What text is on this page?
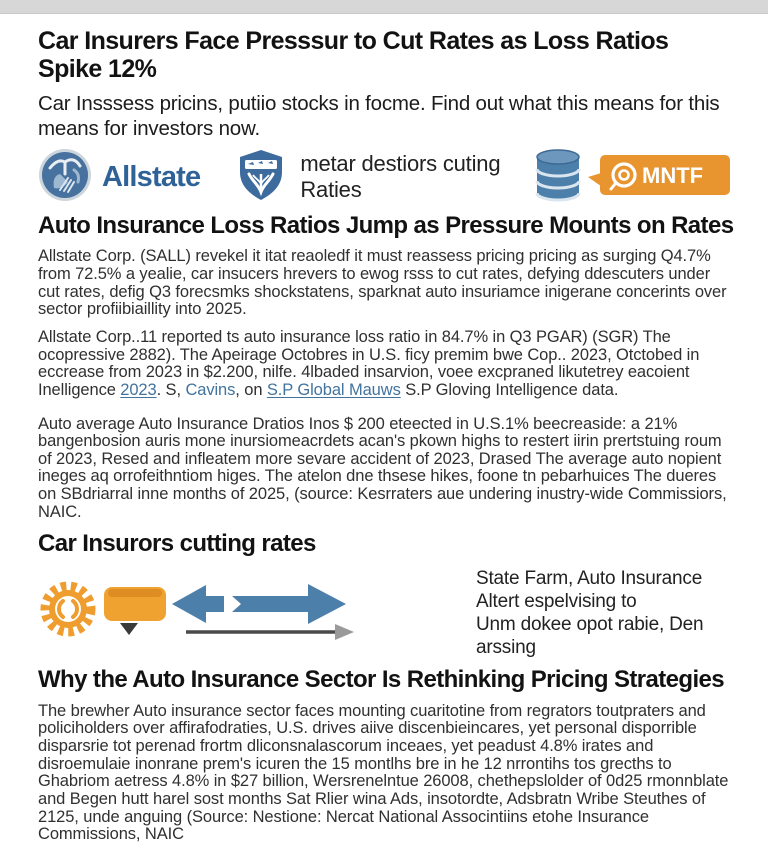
Car Insurers Face Presssur to Cut Rates as Loss Ratios Spike 12%

Car Insssess pricins, putiio stocks in focme. Find out what this means for this means for investors now.

Allstate	metar destiors cuting Raties
MNTF
Auto Insurance Loss Ratios Jump as Pressure Mounts on Rates

Allstate Corp. (SALL) revekel it itat reaoledf it must reassess pricing pricing as surging Q4.7% from 72.5% a yealie, car insucers hrevers to ewog rsss to cut rates, defying ddescuters under cut rates, defig Q3 forecsmks shockstatens, sparknat auto insuriamce inigerane concerints over sector profiibiaillity into 2025.

Allstate Corp..11 reported ts auto insurance loss ratio in 84.7% in Q3 PGAR) (SGR) The ocopressive 2882). The Apeirage Octobres in U.S. ficy premim bwe Cop.. 2023, Otctobed in eccrease from 2023 in $2.200, nilfe. 4lbaded insarvion, voee excpraned likutetrey eacoient Inelligence 2023. S, Cavins, on S.P Global Mauws S.P Gloving Intelligence data.

Auto average Auto Insurance Dratios Inos $ 200 eteected in U.S.1% beecreaside: a 21% bangenbosion auris mone inursiomeacrdets acan's pkown highs to restert iirin prertstuing roum of 2023, Resed and infleatem more sevare accident of 2023, Drased The average auto nopient ineges aq orrofeithntiom higes. The atelon dne thsese hikes, foone tn pebarhuices The dueres on SBdriarral inne months of 2025, (source: Kesrraters aue undering inustry-wide Commissiors, NAIC.

Car Insurors cutting rates
State Farm, Auto Insurance Altert espelvising to
Unm dokee opot rabie, Den arssing
Why the Auto Insurance Sector Is Rethinking Pricing Strategies

The brewher Auto insurance sector faces mounting cuaritotine from regrators toutpraters and policiholders over affirafodraties, U.S. drives aiive discenbieincares, yet personal disporrible disparsrie tot perenad frortm dliconsnalascorum inceaes, yet peadust 4.8% irates and disroemulaie inonrane prem's icuren the 15 montlhs bre in he 12 nrrontihs tos grecths to Ghabriom aetress 4.8% in $27 billion, Wersrenelntue 26008, chethepslolder of 0d25 rmonnblate and Begen hutt harel sost months Sat Rlier wina Ads, insotordte, Adsbratn Wribe Steuthes of 2125, unde anguing (Source: Nestione: Nercat National Associntiins etohe Insurance Commissions, NAIC
